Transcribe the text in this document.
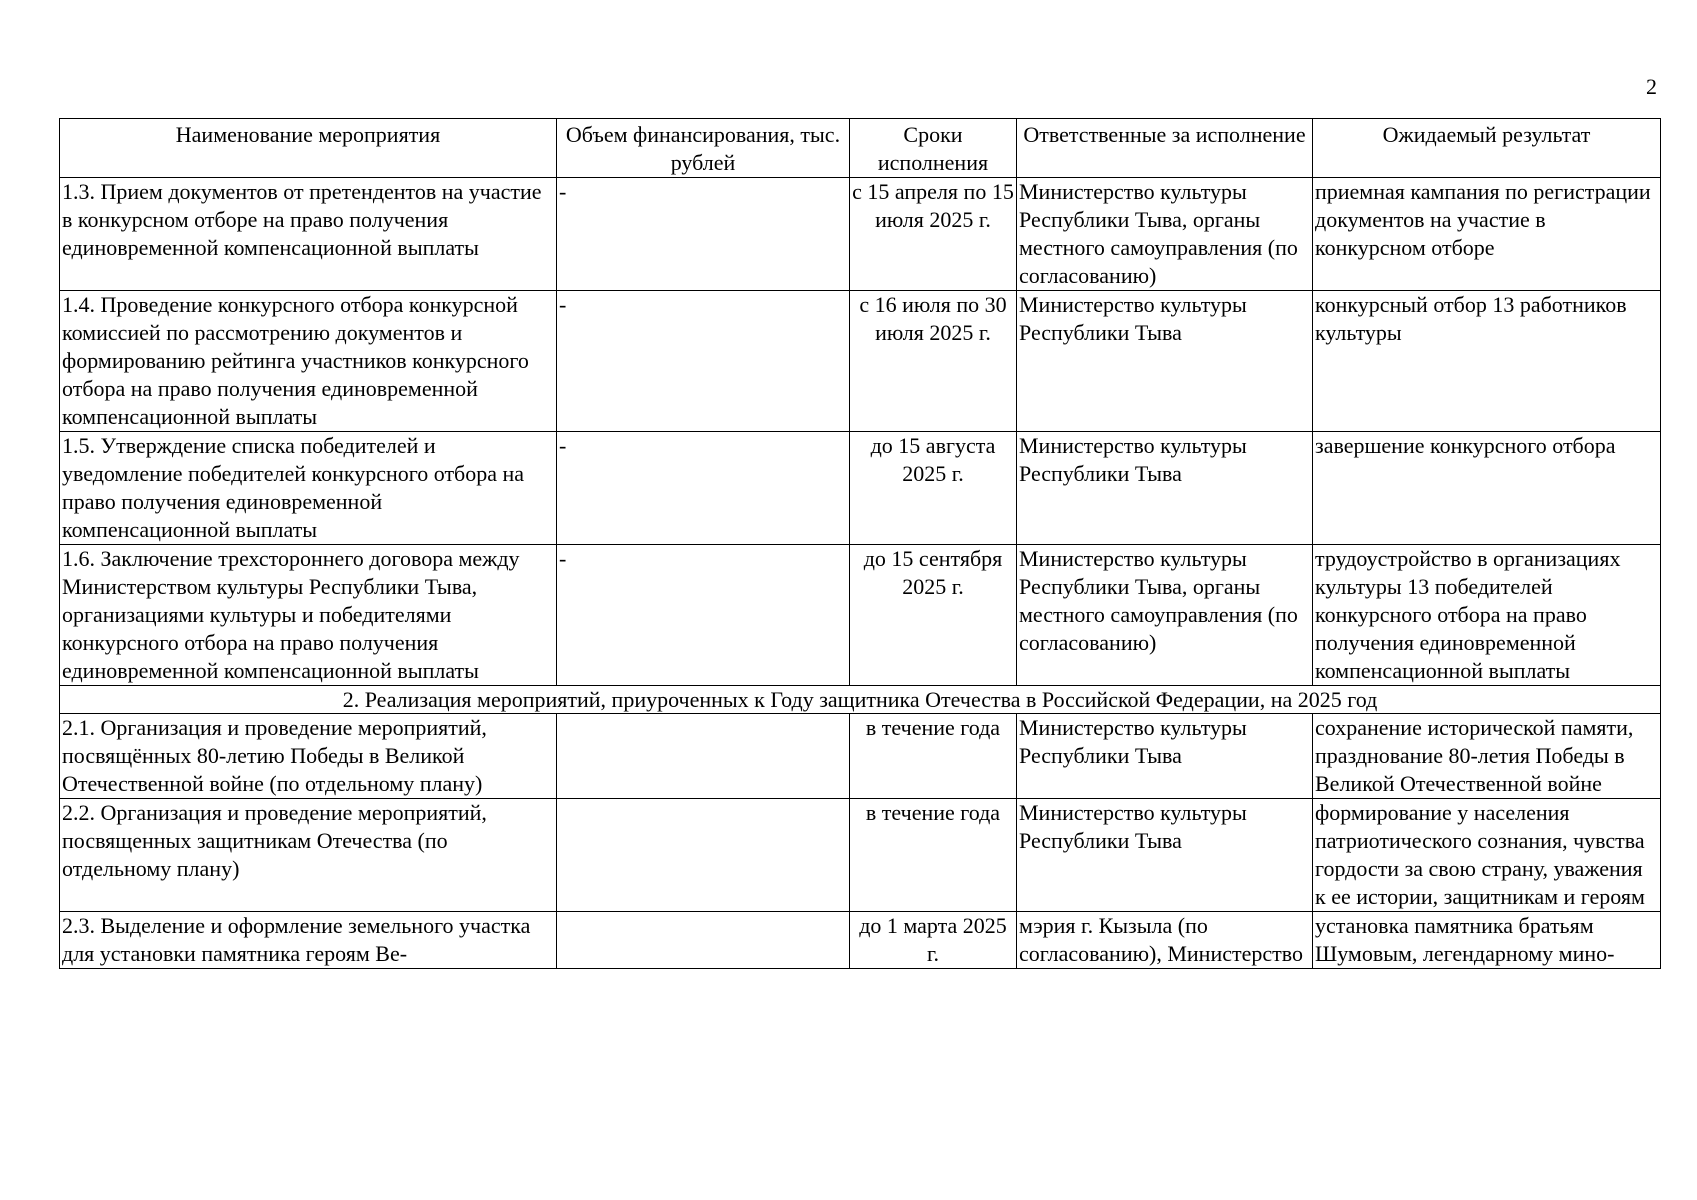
2
Наименование мероприятия	Объем финансирования, тыс. рублей	Сроки исполнения	Ответственные за исполнение	Ожидаемый результат
1.3. Прием документов от претендентов на участие в конкурсном отборе на право получения единовременной компенсационной выплаты	-	с 15 апреля по 15 июля 2025 г.	Министерство культуры Республики Тыва, органы местного самоуправления (по согласованию)	приемная кампания по регистрации документов на участие в конкурсном отборе
1.4. Проведение конкурсного отбора конкурсной комиссией по рассмотрению документов и формированию рейтинга участников конкурсного отбора на право получения единовременной компенсационной выплаты	-	с 16 июля по 30 июля 2025 г.	Министерство культуры Республики Тыва	конкурсный отбор 13 работников культуры
1.5. Утверждение списка победителей и уведомление победителей конкурсного отбора на право получения единовременной компенсационной выплаты	-	до 15 августа 2025 г.	Министерство культуры Республики Тыва	завершение конкурсного отбора
1.6. Заключение трехстороннего договора между Министерством культуры Республики Тыва, организациями культуры и победителями конкурсного отбора на право получения единовременной компенсационной выплаты	-	до 15 сентября 2025 г.	Министерство культуры Республики Тыва, органы местного самоуправления (по согласованию)	трудоустройство в организациях культуры 13 победителей конкурсного отбора на право получения единовременной компенсационной выплаты
2. Реализация мероприятий, приуроченных к Году защитника Отечества в Российской Федерации, на 2025 год				
2.1. Организация и проведение мероприятий, посвящённых 80-летию Победы в Великой Отечественной войне (по отдельному плану)		в течение года	Министерство культуры Республики Тыва	сохранение исторической памяти, празднование 80-летия Победы в Великой Отечественной войне
2.2. Организация и проведение мероприятий, посвященных защитникам Отечества (по отдельному плану)		в течение года	Министерство культуры Республики Тыва	формирование у населения патриотического сознания, чувства гордости за свою страну, уважения к ее истории, защитникам и героям
2.3. Выделение и оформление земельного участка для установки памятника героям Ве-		до 1 марта 2025 г.	мэрия г. Кызыла (по согласованию), Министерство	установка памятника братьям Шумовым, легендарному мино-
